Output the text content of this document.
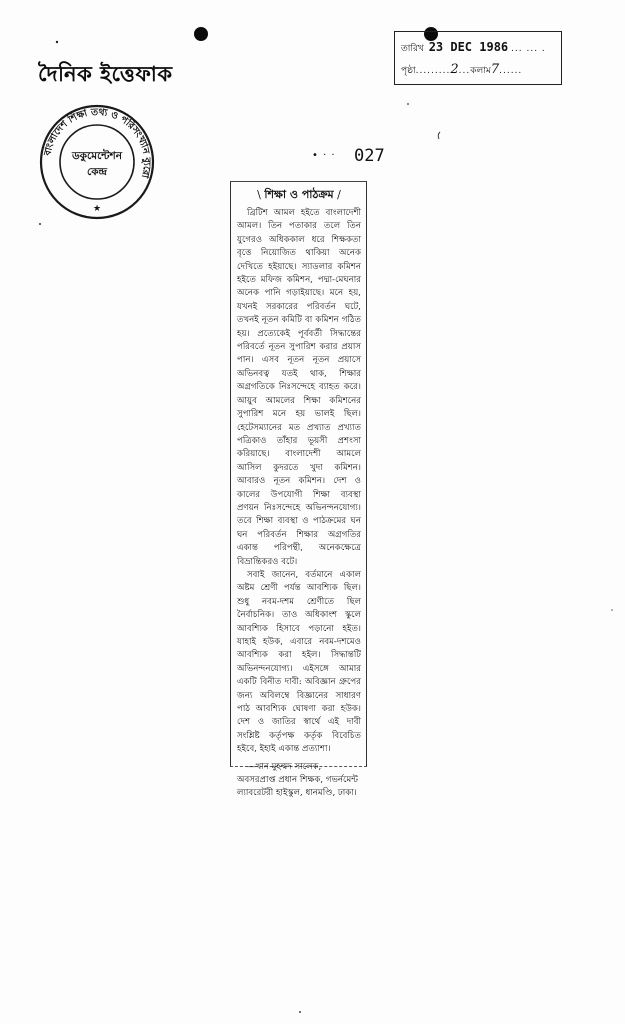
দৈনিক ইত্তেফাক
তারিখ 23 DEC 1986 ... ... .
পৃষ্ঠা.........2...কলাম7......
বাংলাদেশ শিক্ষা তথ্য ও পরিসংখ্যান ব্যুরো
ডকুমেন্টেশন
কেন্দ্র
★
• · · 027
\ শিক্ষা ও পাঠক্রম /

ব্রিটিশ আমল হইতে বাংলাদেশী আমল। তিন পতাকার তলে তিন যুগেরও অধিককাল ধরে শিক্ষকতা বৃত্তে নিয়োজিত থাকিয়া অনেক দেখিতে হইয়াছে। স্যাডলার কমিশন হইতে মফিজ কমিশন, পদ্মা-মেঘনার অনেক পানি গড়াইয়াছে। মনে হয়, যখনই সরকারের পরিবর্তন ঘটে, তখনই নূতন কমিটি বা কমিশন গঠিত হয়। প্রত্যেকেই পূর্ববর্তী সিদ্ধান্তের পরিবর্তে নূতন সুপারিশ করার প্রয়াস পান। এসব নূতন নূতন প্রয়াসে অভিনবত্ব যতই থাক, শিক্ষার অগ্রগতিকে নিঃসন্দেহে ব্যাহত করে। আয়ুব আমলের শিক্ষা কমিশনের সুপারিশ মনে হয় ভালই ছিল। হেটেসম্যানের মত প্রখ্যাত প্রখ্যাত পত্রিকাও তাঁহার ভূয়সী প্রশংসা করিয়াছে। বাংলাদেশী আমলে আসিল কুদরতে খুদা কমিশন। আবারও নূতন কমিশন। দেশ ও কালের উপযোগী শিক্ষা ব্যবস্থা প্রণয়ন নিঃসন্দেহে অভিনন্দনযোগ্য। তবে শিক্ষা ব্যবস্থা ও পাঠক্রমের ঘন ঘন পরিবর্তন শিক্ষার অগ্রগতির একান্ত পরিপন্থী, অনেকক্ষেত্রে বিভ্রান্তিকরও বটে।

সবাই জানেন, বর্তমানে একাল অষ্টম শ্রেণী পর্যন্ত আবশ্যিক ছিল। শুধু নবম-দশম শ্রেণীতে ছিল নৈর্বাচনিক। তাও অধিকাংশ স্কুলে আবশ্যিক হিসাবে পড়ানো হইত। যাহাই হউক, এবারে নবম-দশমেও আবশ্যিক করা হইল। সিদ্ধান্তটি অভিনন্দনযোগ্য। এইসঙ্গে আমার একটি বিনীত দাবী: অবিজ্ঞান গ্রুপের জন্য অবিলম্বে বিজ্ঞানের সাধারণ পাঠ আবশ্যিক ঘোষণা করা হউক। দেশ ও জাতির স্বার্থে এই দাবী সংশ্লিষ্ট কর্তৃপক্ষ কর্তৃক বিবেচিত হইবে, ইহাই একান্ত প্রত্যাশা।

—খান মুহম্মদ সালেক, অবসরপ্রাপ্ত প্রধান শিক্ষক, গভর্নমেন্ট ল্যাবরেটরী হাইস্কুল, ধানমণ্ডি, ঢাকা।
